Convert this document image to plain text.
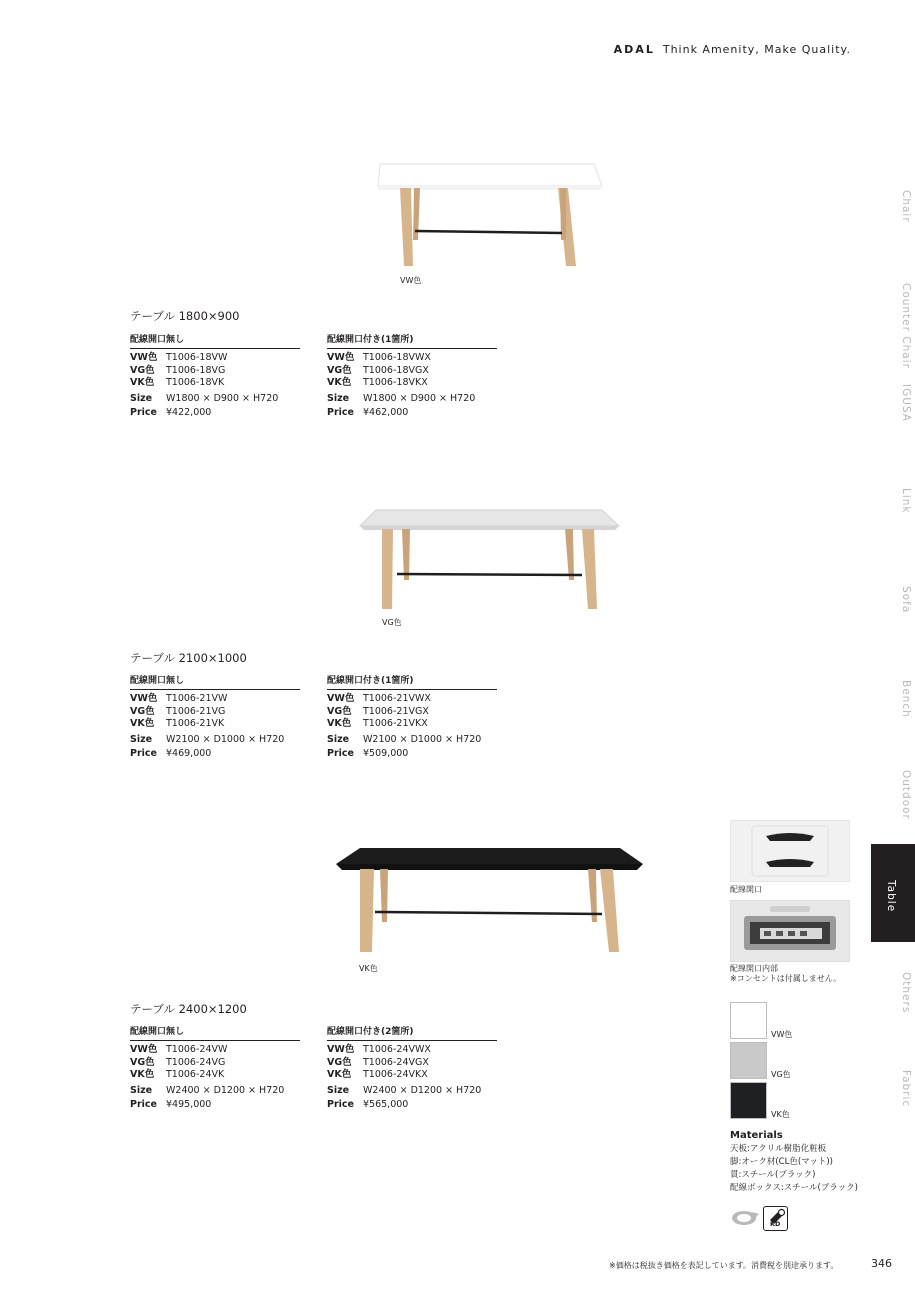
ADAL Think Amenity, Make Quality.
VW色
テーブル 1800×900
配線開口無し
VW色 T1006-18VW
VG色	T1006-18VG
VK色	T1006-18VK
Size	W1800 × D900 × H720
Price ¥422,000
配線開口付き(1箇所)
VW色 T1006-18VWX
VG色	T1006-18VGX
VK色	T1006-18VKX
Size	W1800 × D900 × H720
Price ¥462,000
VG色
テーブル 2100×1000
配線開口無し
VW色 T1006-21VW
VG色	T1006-21VG
VK色	T1006-21VK
Size	W2100 × D1000 × H720
Price ¥469,000
配線開口付き(1箇所)
VW色 T1006-21VWX
VG色	T1006-21VGX
VK色	T1006-21VKX
Size	W2100 × D1000 × H720
Price ¥509,000
VK色
テーブル 2400×1200
配線開口無し
VW色 T1006-24VW
VG色	T1006-24VG
VK色	T1006-24VK
Size	W2400 × D1200 × H720
Price ¥495,000
配線開口付き(2箇所)
VW色 T1006-24VWX
VG色	T1006-24VGX
VK色	T1006-24VKX
Size	W2400 × D1200 × H720
Price ¥565,000
Chair
Counter Chair
IGUSA
Link
Sofa
Bench
Outdoor
Table
Others
Fabric
配線開口
配線開口内部
※コンセントは付属しません。
VW色
VG色
VK色
Materials
天板:アクリル樹脂化粧板
脚:オーク材(CL色(マット))
貫:スチール(ブラック)
配線ボックス:スチール(ブラック)
KD
※価格は税抜き価格を表記しています。消費税を別途承ります。	346
